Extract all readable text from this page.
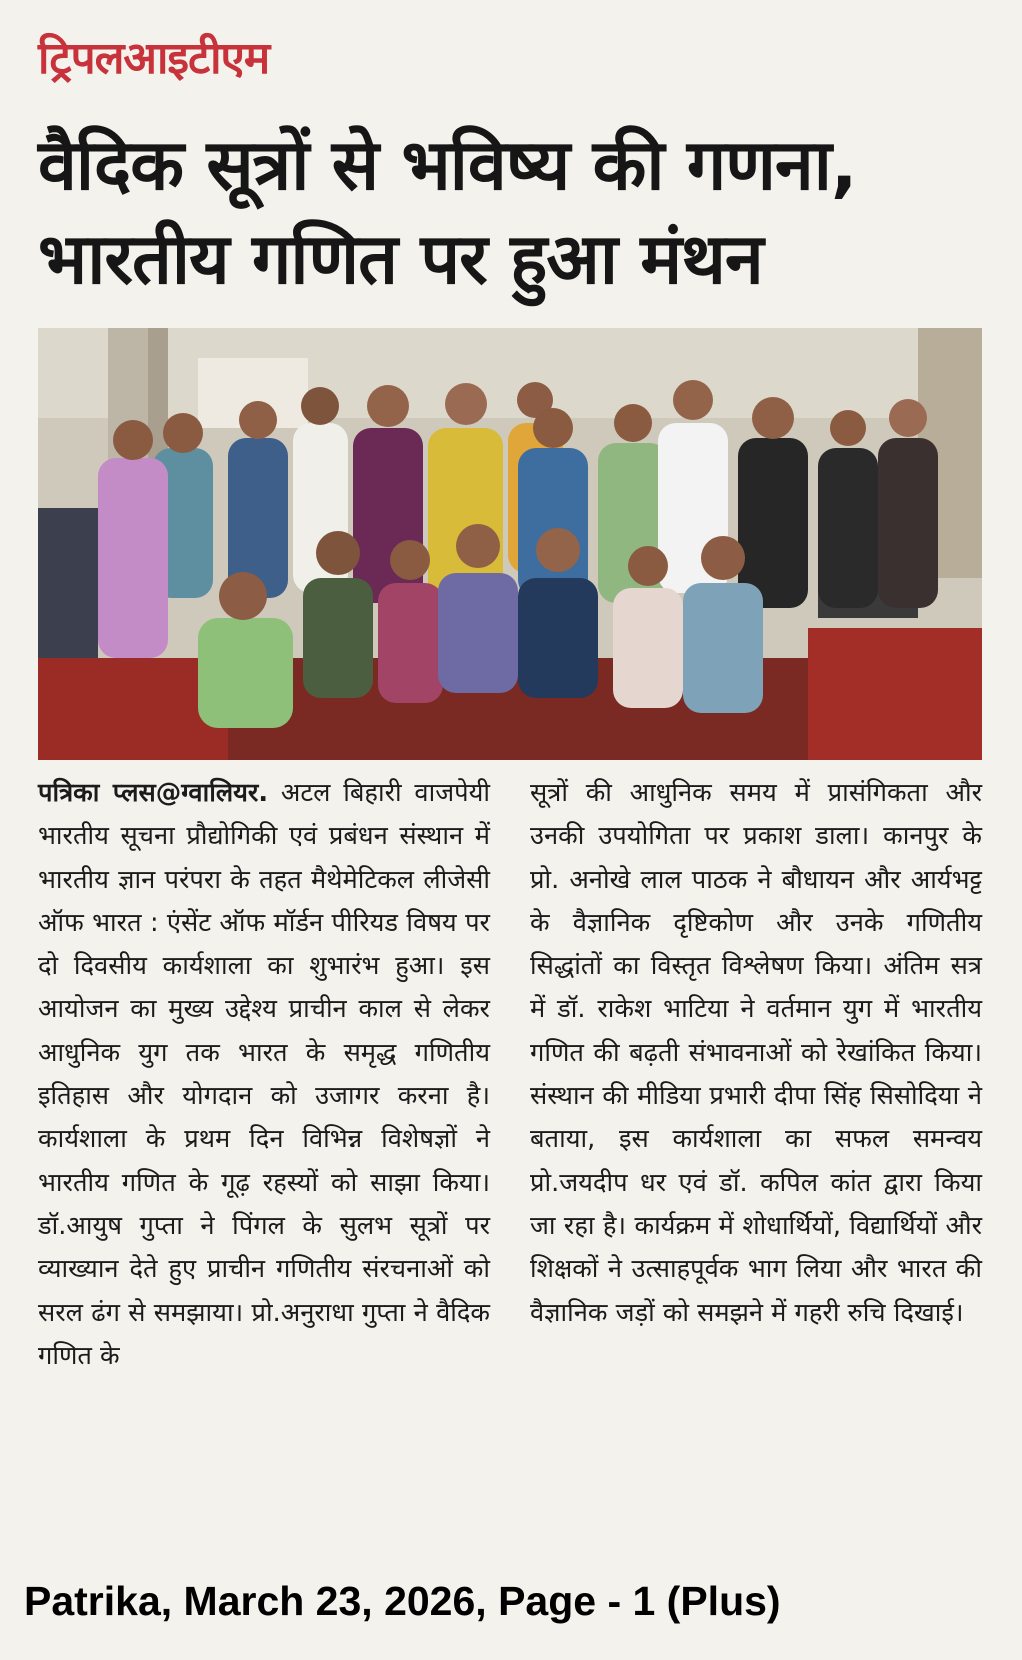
ट्रिपलआइटीएम
वैदिक सूत्रों से भविष्य की गणना, भारतीय गणित पर हुआ मंथन
पत्रिका प्लस@ग्वालियर. अटल बिहारी वाजपेयी भारतीय सूचना प्रौद्योगिकी एवं प्रबंधन संस्थान में भारतीय ज्ञान परंपरा के तहत मैथेमेटिकल लीजेसी ऑफ भारत : एंसेंट ऑफ मॉर्डन पीरियड विषय पर दो दिवसीय कार्यशाला का शुभारंभ हुआ। इस आयोजन का मुख्य उद्देश्य प्राचीन काल से लेकर आधुनिक युग तक भारत के समृद्ध गणितीय इतिहास और योगदान को उजागर करना है। कार्यशाला के प्रथम दिन विभिन्न विशेषज्ञों ने भारतीय गणित के गूढ़ रहस्यों को साझा किया। डॉ.आयुष गुप्ता ने पिंगल के सुलभ सूत्रों पर व्याख्यान देते हुए प्राचीन गणितीय संरचनाओं को सरल ढंग से समझाया। प्रो.अनुराधा गुप्ता ने वैदिक गणित के
सूत्रों की आधुनिक समय में प्रासंगिकता और उनकी उपयोगिता पर प्रकाश डाला। कानपुर के प्रो. अनोखे लाल पाठक ने बौधायन और आर्यभट्ट के वैज्ञानिक दृष्टिकोण और उनके गणितीय सिद्धांतों का विस्तृत विश्लेषण किया। अंतिम सत्र में डॉ. राकेश भाटिया ने वर्तमान युग में भारतीय गणित की बढ़ती संभावनाओं को रेखांकित किया। संस्थान की मीडिया प्रभारी दीपा सिंह सिसोदिया ने बताया, इस कार्यशाला का सफल समन्वय प्रो.जयदीप धर एवं डॉ. कपिल कांत द्वारा किया जा रहा है। कार्यक्रम में शोधार्थियों, विद्यार्थियों और शिक्षकों ने उत्साहपूर्वक भाग लिया और भारत की वैज्ञानिक जड़ों को समझने में गहरी रुचि दिखाई।
Patrika, March 23, 2026, Page - 1 (Plus)
